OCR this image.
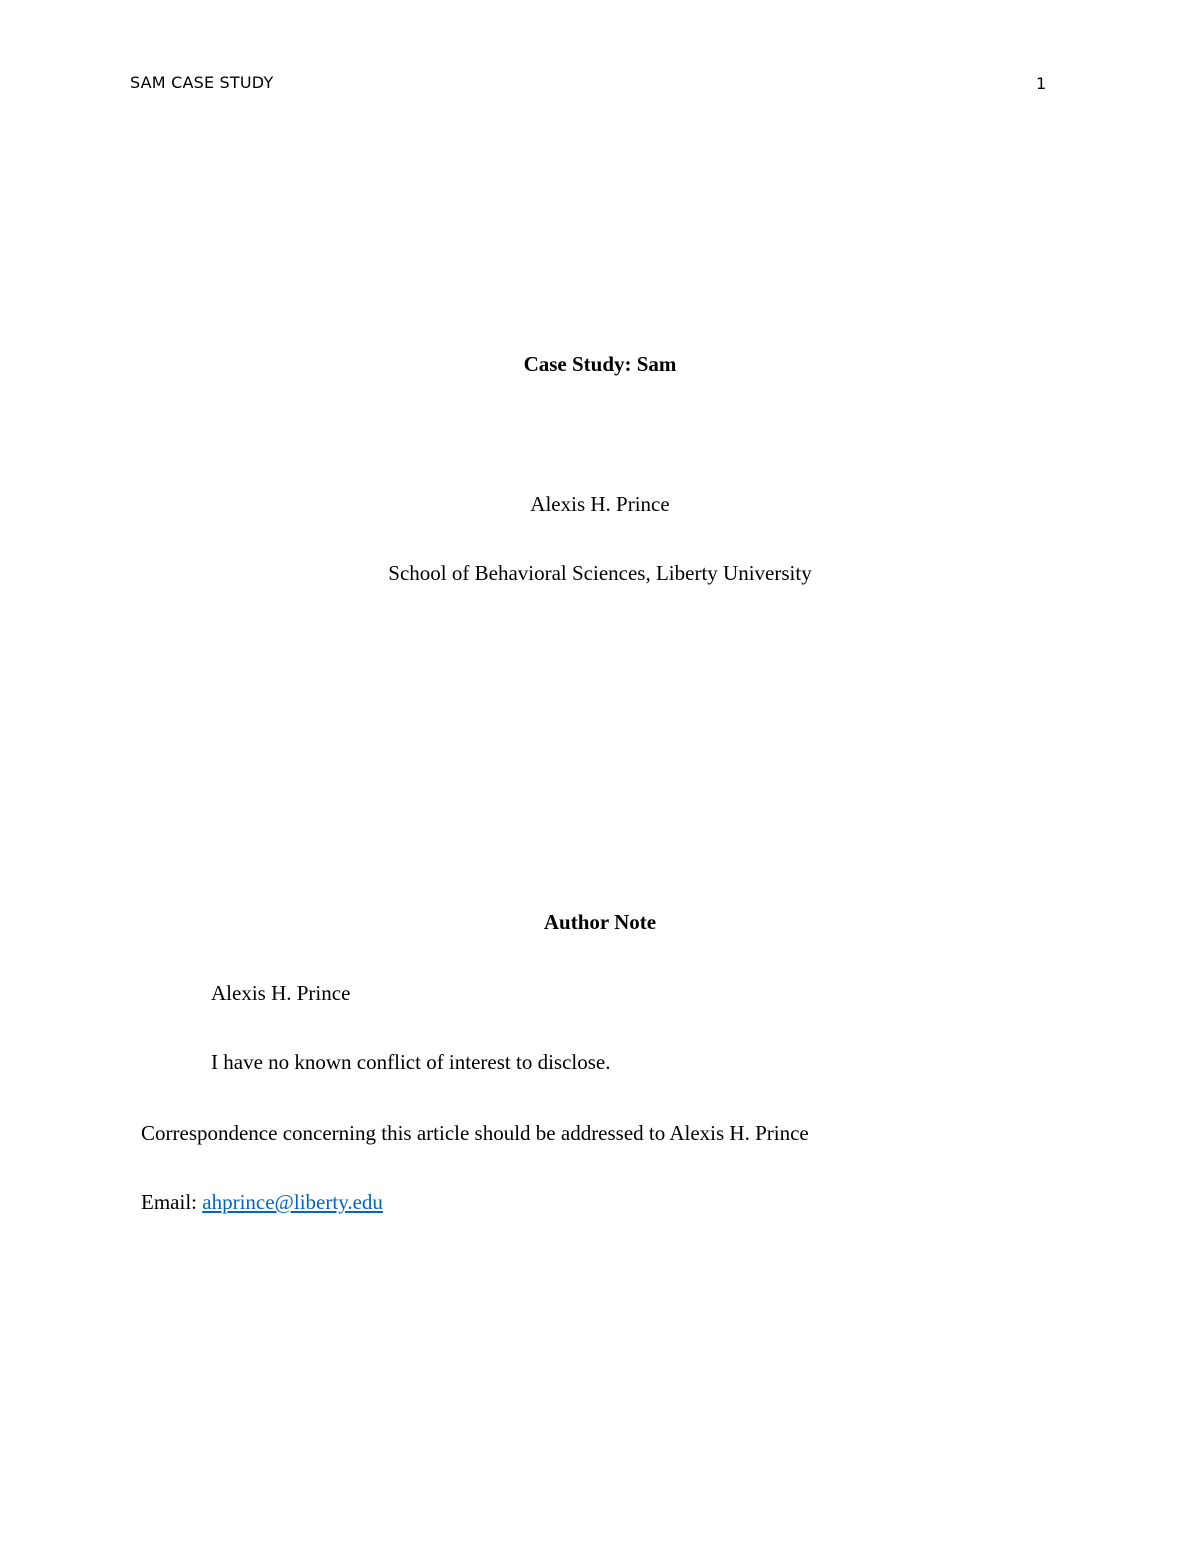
SAM CASE STUDY	1
Case Study: Sam
Alexis H. Prince
School of Behavioral Sciences, Liberty University
Author Note
Alexis H. Prince
I have no known conflict of interest to disclose.
Correspondence concerning this article should be addressed to Alexis H. Prince
Email: ahprince@liberty.edu
